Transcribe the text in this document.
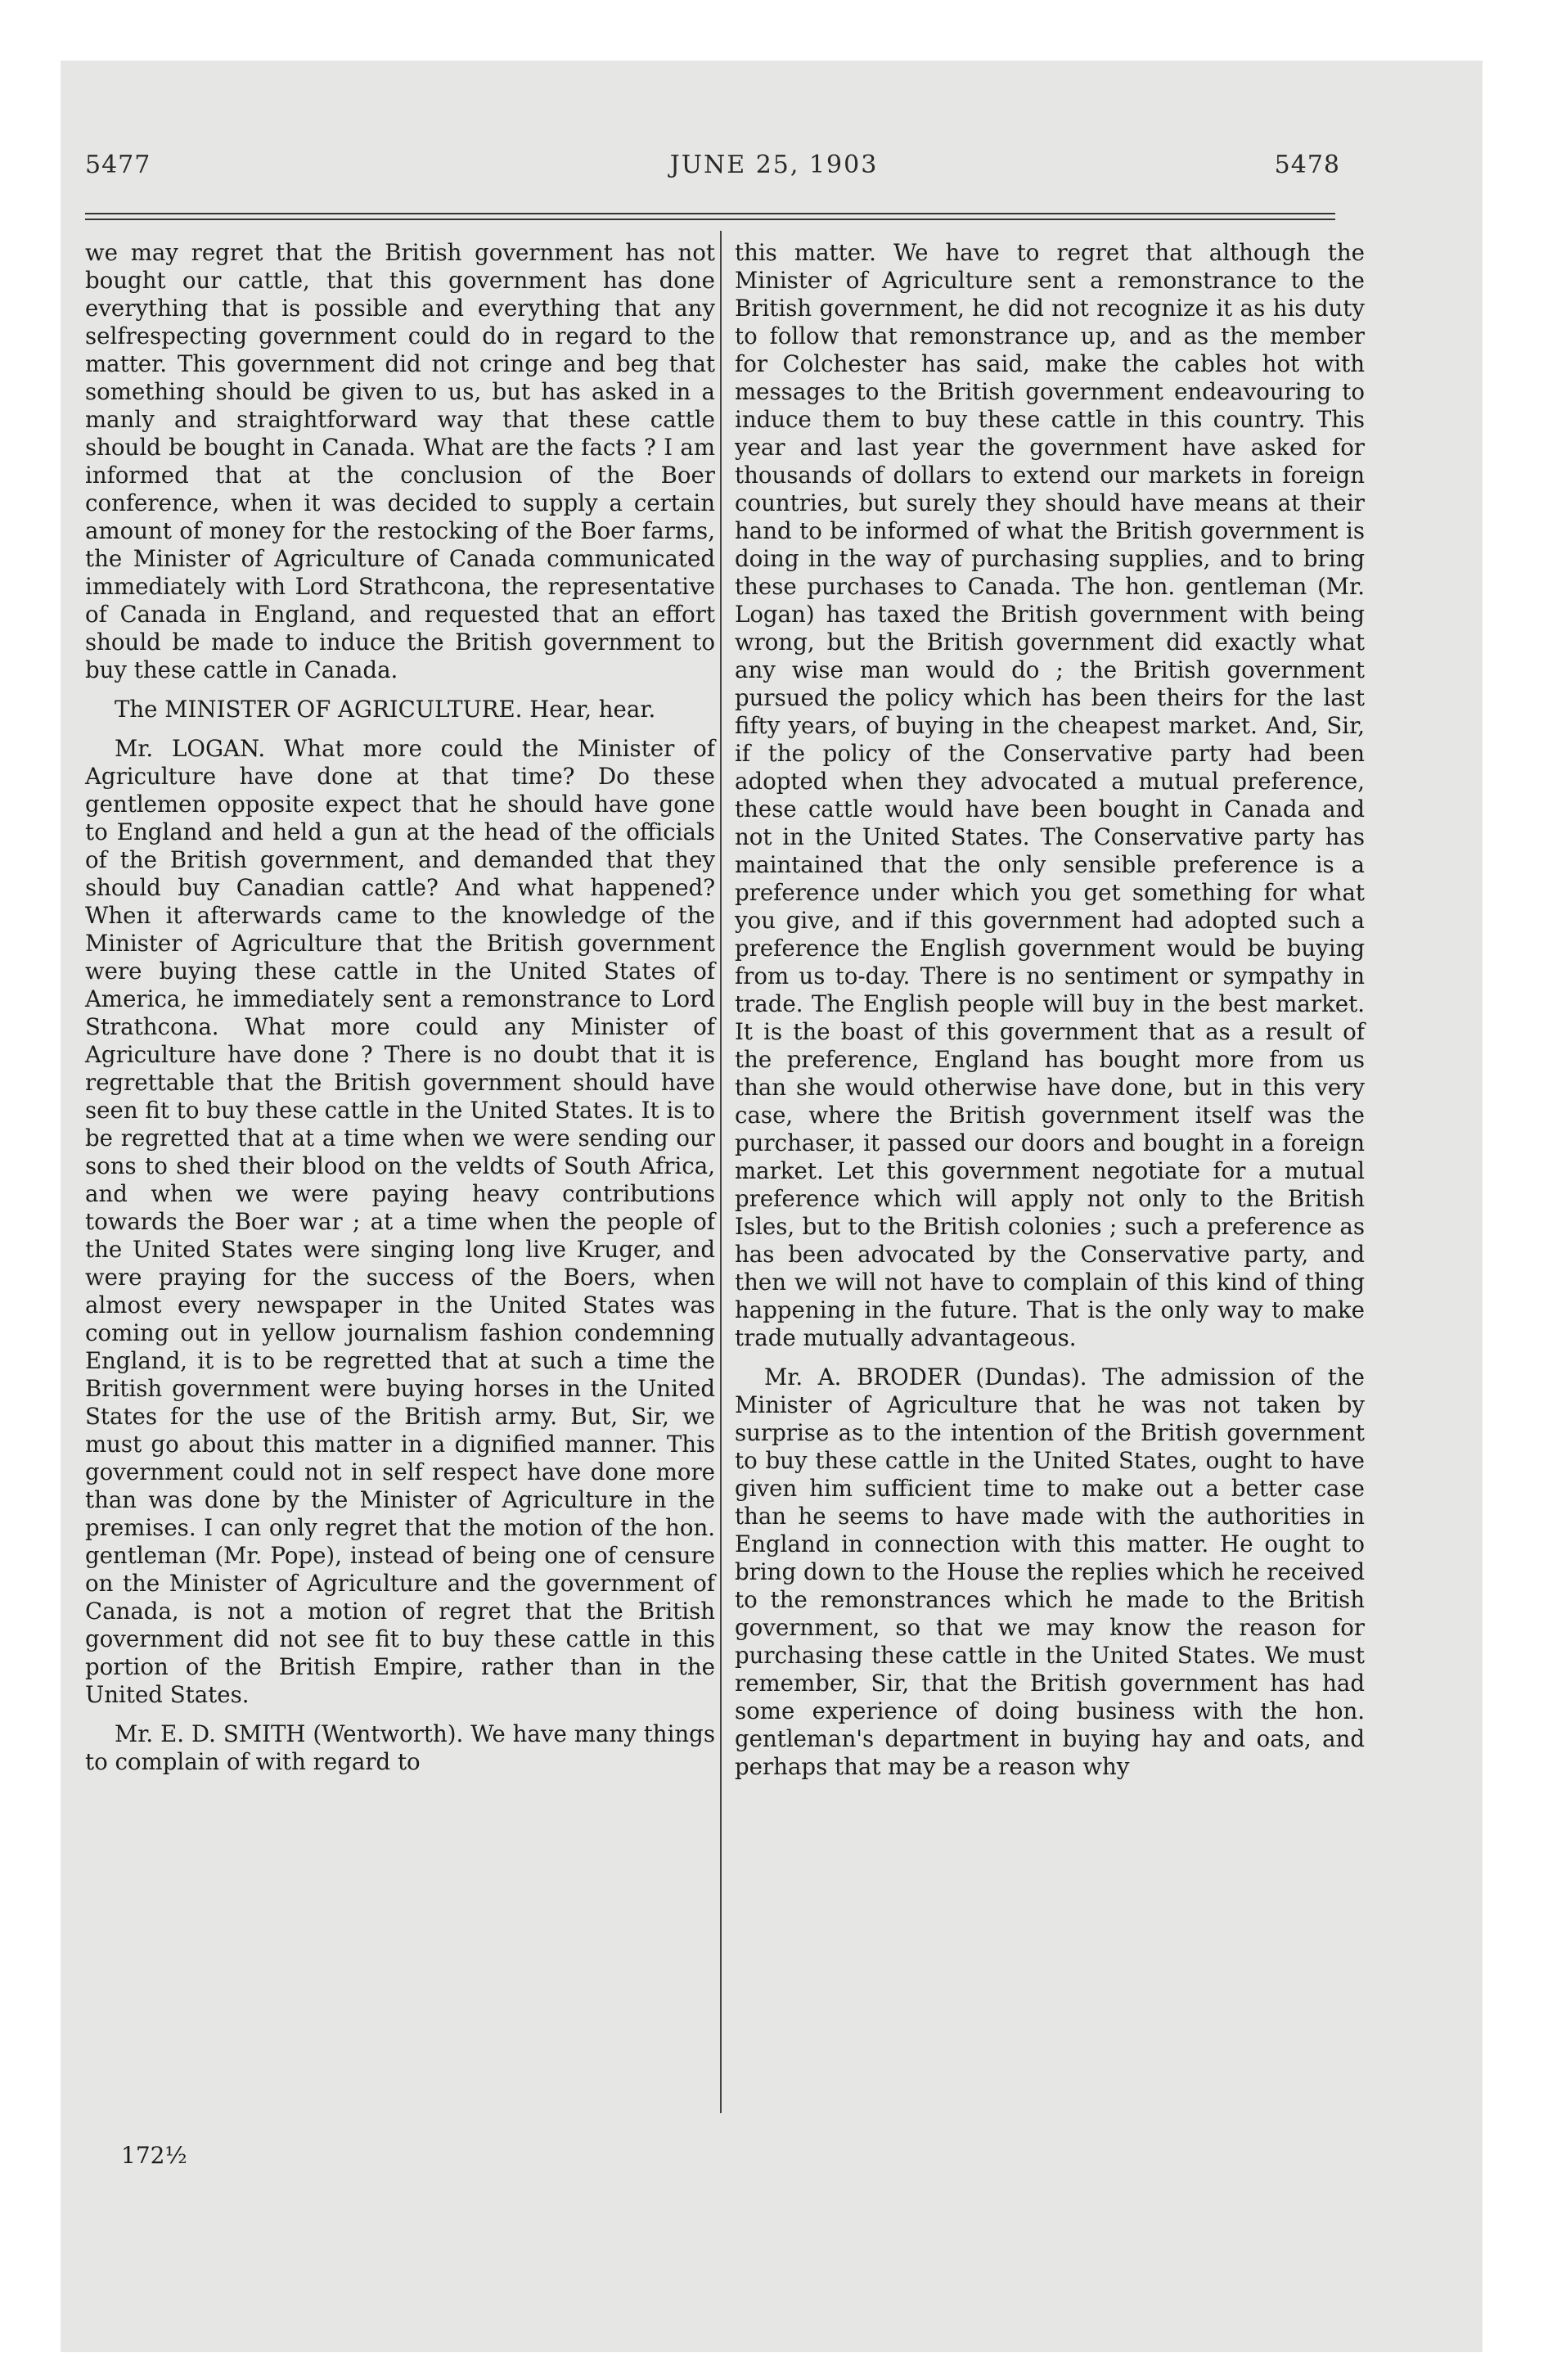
5477	JUNE 25, 1903	5478

we may regret that the British government has not bought our cattle, that this government has done everything that is possible and everything that any selfrespecting government could do in regard to the matter. This government did not cringe and beg that something should be given to us, but has asked in a manly and straightforward way that these cattle should be bought in Canada. What are the facts ? I am informed that at the conclusion of the Boer conference, when it was decided to supply a certain amount of money for the restocking of the Boer farms, the Minister of Agriculture of Canada communicated immediately with Lord Strathcona, the representative of Canada in England, and requested that an effort should be made to induce the British government to buy these cattle in Canada.

The MINISTER OF AGRICULTURE. Hear, hear.

Mr. LOGAN. What more could the Minister of Agriculture have done at that time? Do these gentlemen opposite expect that he should have gone to England and held a gun at the head of the officials of the British government, and demanded that they should buy Canadian cattle? And what happened? When it afterwards came to the knowledge of the Minister of Agriculture that the British government were buying these cattle in the United States of America, he immediately sent a remonstrance to Lord Strathcona. What more could any Minister of Agriculture have done ? There is no doubt that it is regrettable that the British government should have seen fit to buy these cattle in the United States. It is to be regretted that at a time when we were sending our sons to shed their blood on the veldts of South Africa, and when we were paying heavy contributions towards the Boer war ; at a time when the people of the United States were singing long live Kruger, and were praying for the success of the Boers, when almost every newspaper in the United States was coming out in yellow journalism fashion condemning England, it is to be regretted that at such a time the British government were buying horses in the United States for the use of the British army. But, Sir, we must go about this matter in a dignified manner. This government could not in self respect have done more than was done by the Minister of Agriculture in the premises. I can only regret that the motion of the hon. gentleman (Mr. Pope), instead of being one of censure on the Minister of Agriculture and the government of Canada, is not a motion of regret that the British government did not see fit to buy these cattle in this portion of the British Empire, rather than in the United States.

Mr. E. D. SMITH (Wentworth). We have many things to complain of with regard to

this matter. We have to regret that although the Minister of Agriculture sent a remonstrance to the British government, he did not recognize it as his duty to follow that remonstrance up, and as the member for Colchester has said, make the cables hot with messages to the British government endeavouring to induce them to buy these cattle in this country. This year and last year the government have asked for thousands of dollars to extend our markets in foreign countries, but surely they should have means at their hand to be informed of what the British government is doing in the way of purchasing supplies, and to bring these purchases to Canada. The hon. gentleman (Mr. Logan) has taxed the British government with being wrong, but the British government did exactly what any wise man would do ; the British government pursued the policy which has been theirs for the last fifty years, of buying in the cheapest market. And, Sir, if the policy of the Conservative party had been adopted when they advocated a mutual preference, these cattle would have been bought in Canada and not in the United States. The Conservative party has maintained that the only sensible preference is a preference under which you get something for what you give, and if this government had adopted such a preference the English government would be buying from us to-day. There is no sentiment or sympathy in trade. The English people will buy in the best market. It is the boast of this government that as a result of the preference, England has bought more from us than she would otherwise have done, but in this very case, where the British government itself was the purchaser, it passed our doors and bought in a foreign market. Let this government negotiate for a mutual preference which will apply not only to the British Isles, but to the British colonies ; such a preference as has been advocated by the Conservative party, and then we will not have to complain of this kind of thing happening in the future. That is the only way to make trade mutually advantageous.

Mr. A. BRODER (Dundas). The admission of the Minister of Agriculture that he was not taken by surprise as to the intention of the British government to buy these cattle in the United States, ought to have given him sufficient time to make out a better case than he seems to have made with the authorities in England in connection with this matter. He ought to bring down to the House the replies which he received to the remonstrances which he made to the British government, so that we may know the reason for purchasing these cattle in the United States. We must remember, Sir, that the British government has had some experience of doing business with the hon. gentleman's department in buying hay and oats, and perhaps that may be a reason why

172½
